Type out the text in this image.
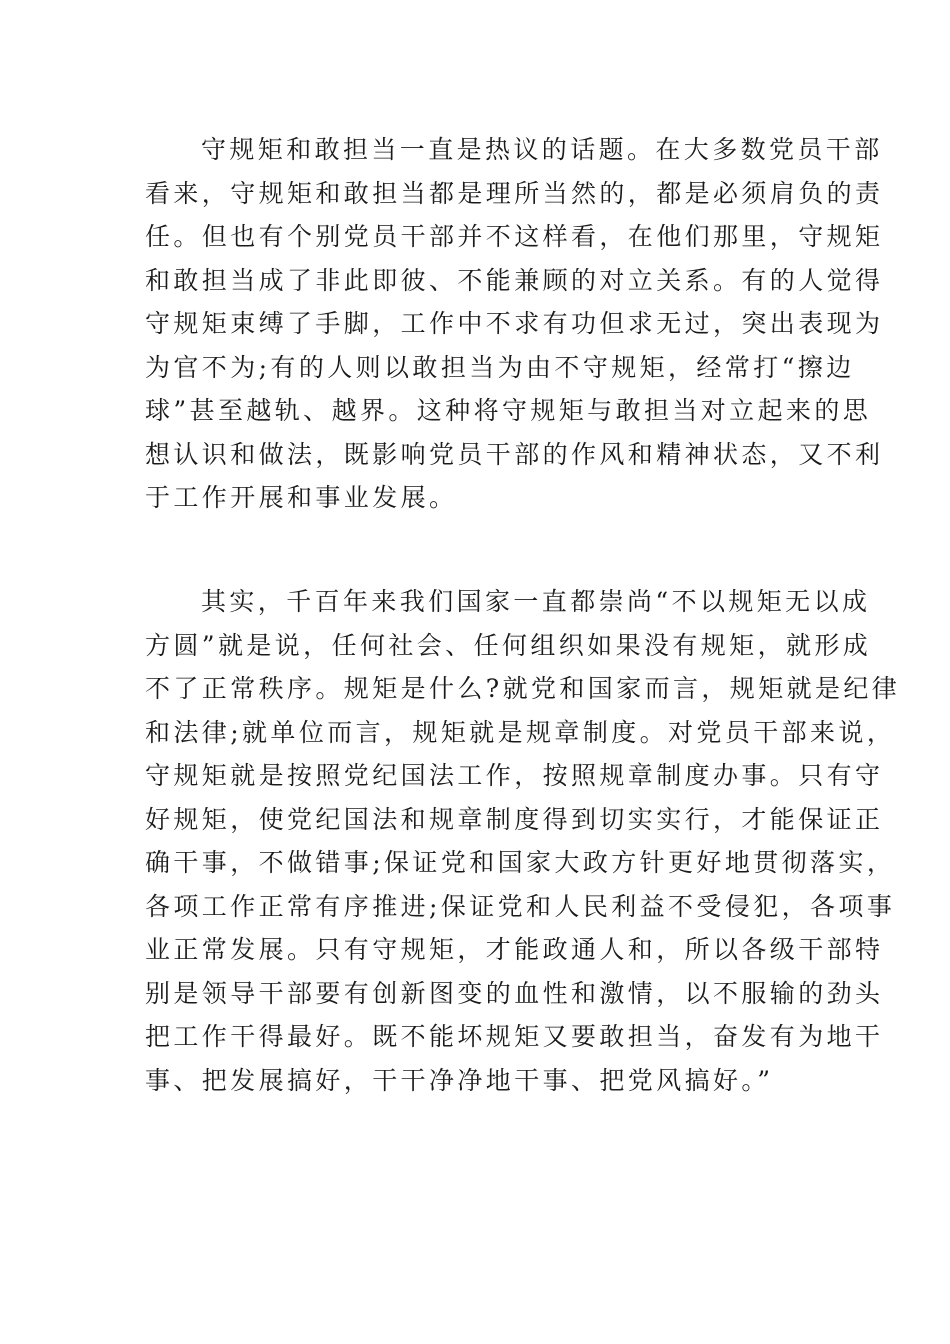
守规矩和敢担当一直是热议的话题。在大多数党员干部
看来，守规矩和敢担当都是理所当然的，都是必须肩负的责
任。但也有个别党员干部并不这样看，在他们那里，守规矩
和敢担当成了非此即彼、不能兼顾的对立关系。有的人觉得
守规矩束缚了手脚，工作中不求有功但求无过，突出表现为
为官不为;有的人则以敢担当为由不守规矩，经常打“擦边
球”甚至越轨、越界。这种将守规矩与敢担当对立起来的思
想认识和做法，既影响党员干部的作风和精神状态，又不利
于工作开展和事业发展。
其实，千百年来我们国家一直都崇尚“不以规矩无以成
方圆”就是说，任何社会、任何组织如果没有规矩，就形成
不了正常秩序。规矩是什么?就党和国家而言，规矩就是纪律
和法律;就单位而言，规矩就是规章制度。对党员干部来说，
守规矩就是按照党纪国法工作，按照规章制度办事。只有守
好规矩，使党纪国法和规章制度得到切实实行，才能保证正
确干事，不做错事;保证党和国家大政方针更好地贯彻落实，
各项工作正常有序推进;保证党和人民利益不受侵犯，各项事
业正常发展。只有守规矩，才能政通人和，所以各级干部特
别是领导干部要有创新图变的血性和激情，以不服输的劲头
把工作干得最好。既不能坏规矩又要敢担当，奋发有为地干
事、把发展搞好，干干净净地干事、把党风搞好。”
